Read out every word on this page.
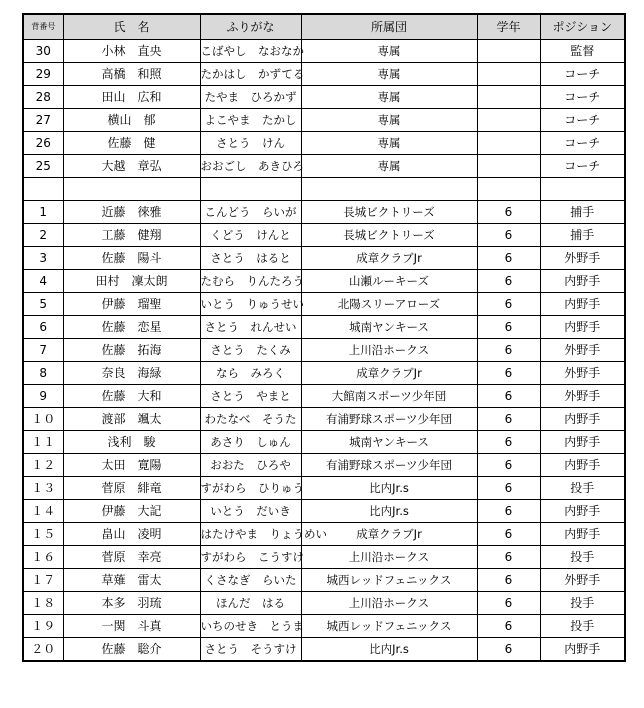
背番号	氏　名	ふりがな	所属団	学年	ポジション
30	小林　直央	こばやし　なおなか	専属		監督
29	高橋　和照	たかはし　かずてる	専属		コーチ
28	田山　広和	たやま　ひろかず	専属		コーチ
27	横山　郁	よこやま　たかし	専属		コーチ
26	佐藤　健	さとう　けん	専属		コーチ
25	大越　章弘	おおごし　あきひろ	専属		コーチ

1	近藤　徠雅	こんどう　らいが	長城ビクトリーズ	6	捕手
2	工藤　健翔	くどう　けんと	長城ビクトリーズ	6	捕手
3	佐藤　陽斗	さとう　はると	成章クラブJr	6	外野手
4	田村　凜太朗	たむら　りんたろう	山瀬ルーキーズ	6	内野手
5	伊藤　瑠聖	いとう　りゅうせい	北陽スリーアローズ	6	内野手
6	佐藤　恋星	さとう　れんせい	城南ヤンキース	6	内野手
7	佐藤　拓海	さとう　たくみ	上川沿ホークス	6	外野手
8	奈良　海緑	なら　みろく	成章クラブJr	6	外野手
9	佐藤　大和	さとう　やまと	大館南スポーツ少年団	6	外野手
１０	渡部　颯太	わたなべ　そうた	有浦野球スポーツ少年団	6	内野手
１１	浅利　駿	あさり　しゅん	城南ヤンキース	6	内野手
１２	太田　寛陽	おおた　ひろや	有浦野球スポーツ少年団	6	内野手
１３	菅原　緋竜	すがわら　ひりゅう	比内Jr.s	6	投手
１４	伊藤　大記	いとう　だいき	比内Jr.s	6	内野手
１５	畠山　凌明	はたけやま　りょうめい	成章クラブJr	6	内野手
１６	菅原　幸亮	すがわら　こうすけ	上川沿ホークス	6	投手
１７	草薙　雷太	くさなぎ　らいた	城西レッドフェニックス	6	外野手
１８	本多　羽琉	ほんだ　はる	上川沿ホークス	6	投手
１９	一関　斗真	いちのせき　とうま	城西レッドフェニックス	6	投手
２０	佐藤　聡介	さとう　そうすけ	比内Jr.s	6	内野手
